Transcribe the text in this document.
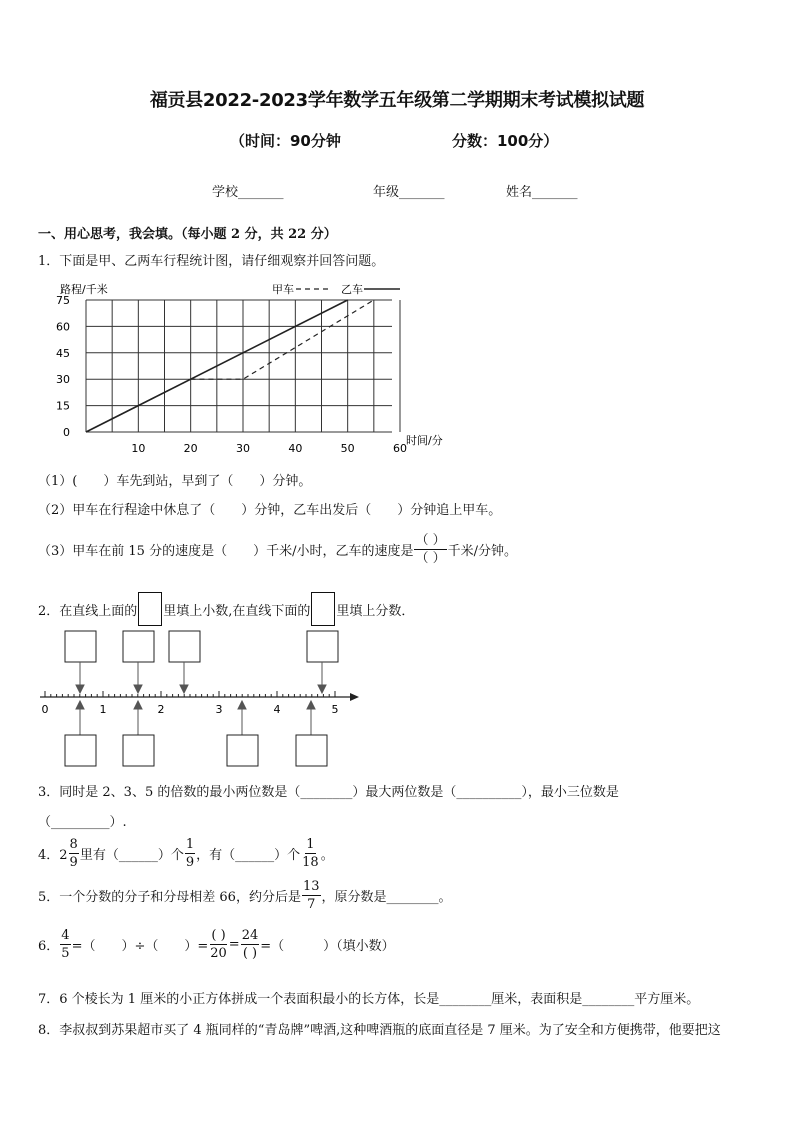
福贡县2022-2023学年数学五年级第二学期期末考试模拟试题
（时间：90分钟	分数：100分）
学校_______	年级_______	姓名_______
一、用心思考，我会填。（每小题 2 分，共 22 分）
1．下面是甲、乙两车行程统计图，请仔细观察并回答问题。
10	20	30	40	50	60
0
15
30
45
60
75
甲车	乙车
路程/千米
时间/分
（1）(　　）车先到站，早到了（　　）分钟。
（2）甲车在行程途中休息了（　　）分钟，乙车出发后（　　）分钟追上甲车。
（3）甲车在前 15 分的速度是（　　）千米/小时，乙车的速度是 $\frac{( )}{( )}$ 千米/分钟。
2．在直线上面的 里填上小数,在直线下面的 里填上分数．
0	1	2	3	4	5
3．同时是 2、3、5 的倍数的最小两位数是（________）最大两位数是（__________），最小三位数是
（_________）.
4．$2 \frac{8}{9}$ 里有（______）个 $\frac{1}{9}$ ，有（______）个 $\frac{1}{18}$ 。
5．一个分数的分子和分母相差 66，约分后是 $\frac{13}{7}$ ，原分数是________。
6． $\frac{4}{5}$ =（　　）÷（　　）= $\frac{( )}{20} = \frac{24}{( )}$ =（　　　）（填小数）
7．6 个棱长为 1 厘米的小正方体拼成一个表面积最小的长方体，长是________厘米，表面积是________平方厘米。
8．李叔叔到苏果超市买了 4 瓶同样的“青岛牌”啤酒,这种啤酒瓶的底面直径是 7 厘米。为了安全和方便携带，他要把这
